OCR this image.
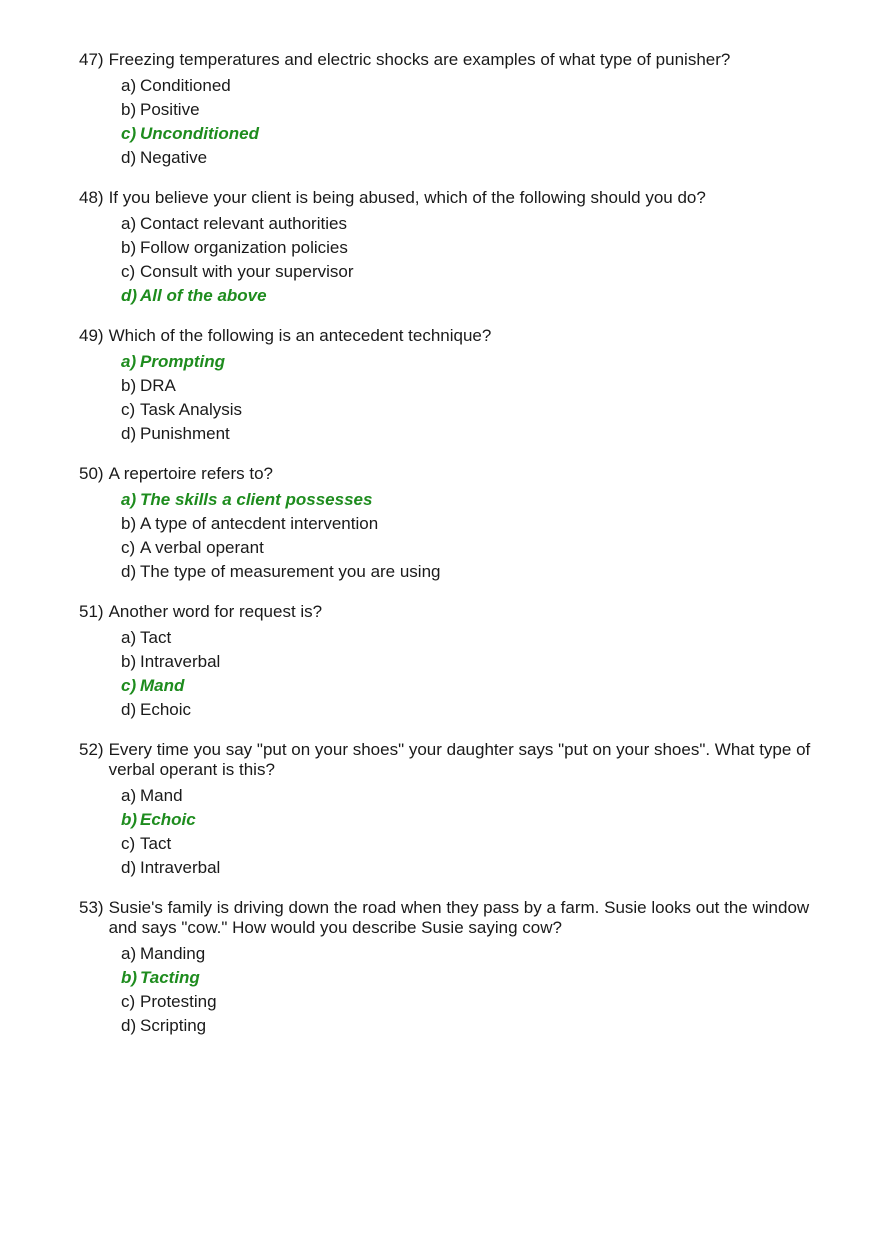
47) Freezing temperatures and electric shocks are examples of what type of punisher?
a) Conditioned
b) Positive
c) Unconditioned
d) Negative
48) If you believe your client is being abused, which of the following should you do?
a) Contact relevant authorities
b) Follow organization policies
c) Consult with your supervisor
d) All of the above
49) Which of the following is an antecedent technique?
a) Prompting
b) DRA
c) Task Analysis
d) Punishment
50) A repertoire refers to?
a) The skills a client possesses
b) A type of antecdent intervention
c) A verbal operant
d) The type of measurement you are using
51) Another word for request is?
a) Tact
b) Intraverbal
c) Mand
d) Echoic
52) Every time you say "put on your shoes" your daughter says "put on your shoes". What type of verbal operant is this?
a) Mand
b) Echoic
c) Tact
d) Intraverbal
53) Susie's family is driving down the road when they pass by a farm. Susie looks out the window and says "cow." How would you describe Susie saying cow?
a) Manding
b) Tacting
c) Protesting
d) Scripting
